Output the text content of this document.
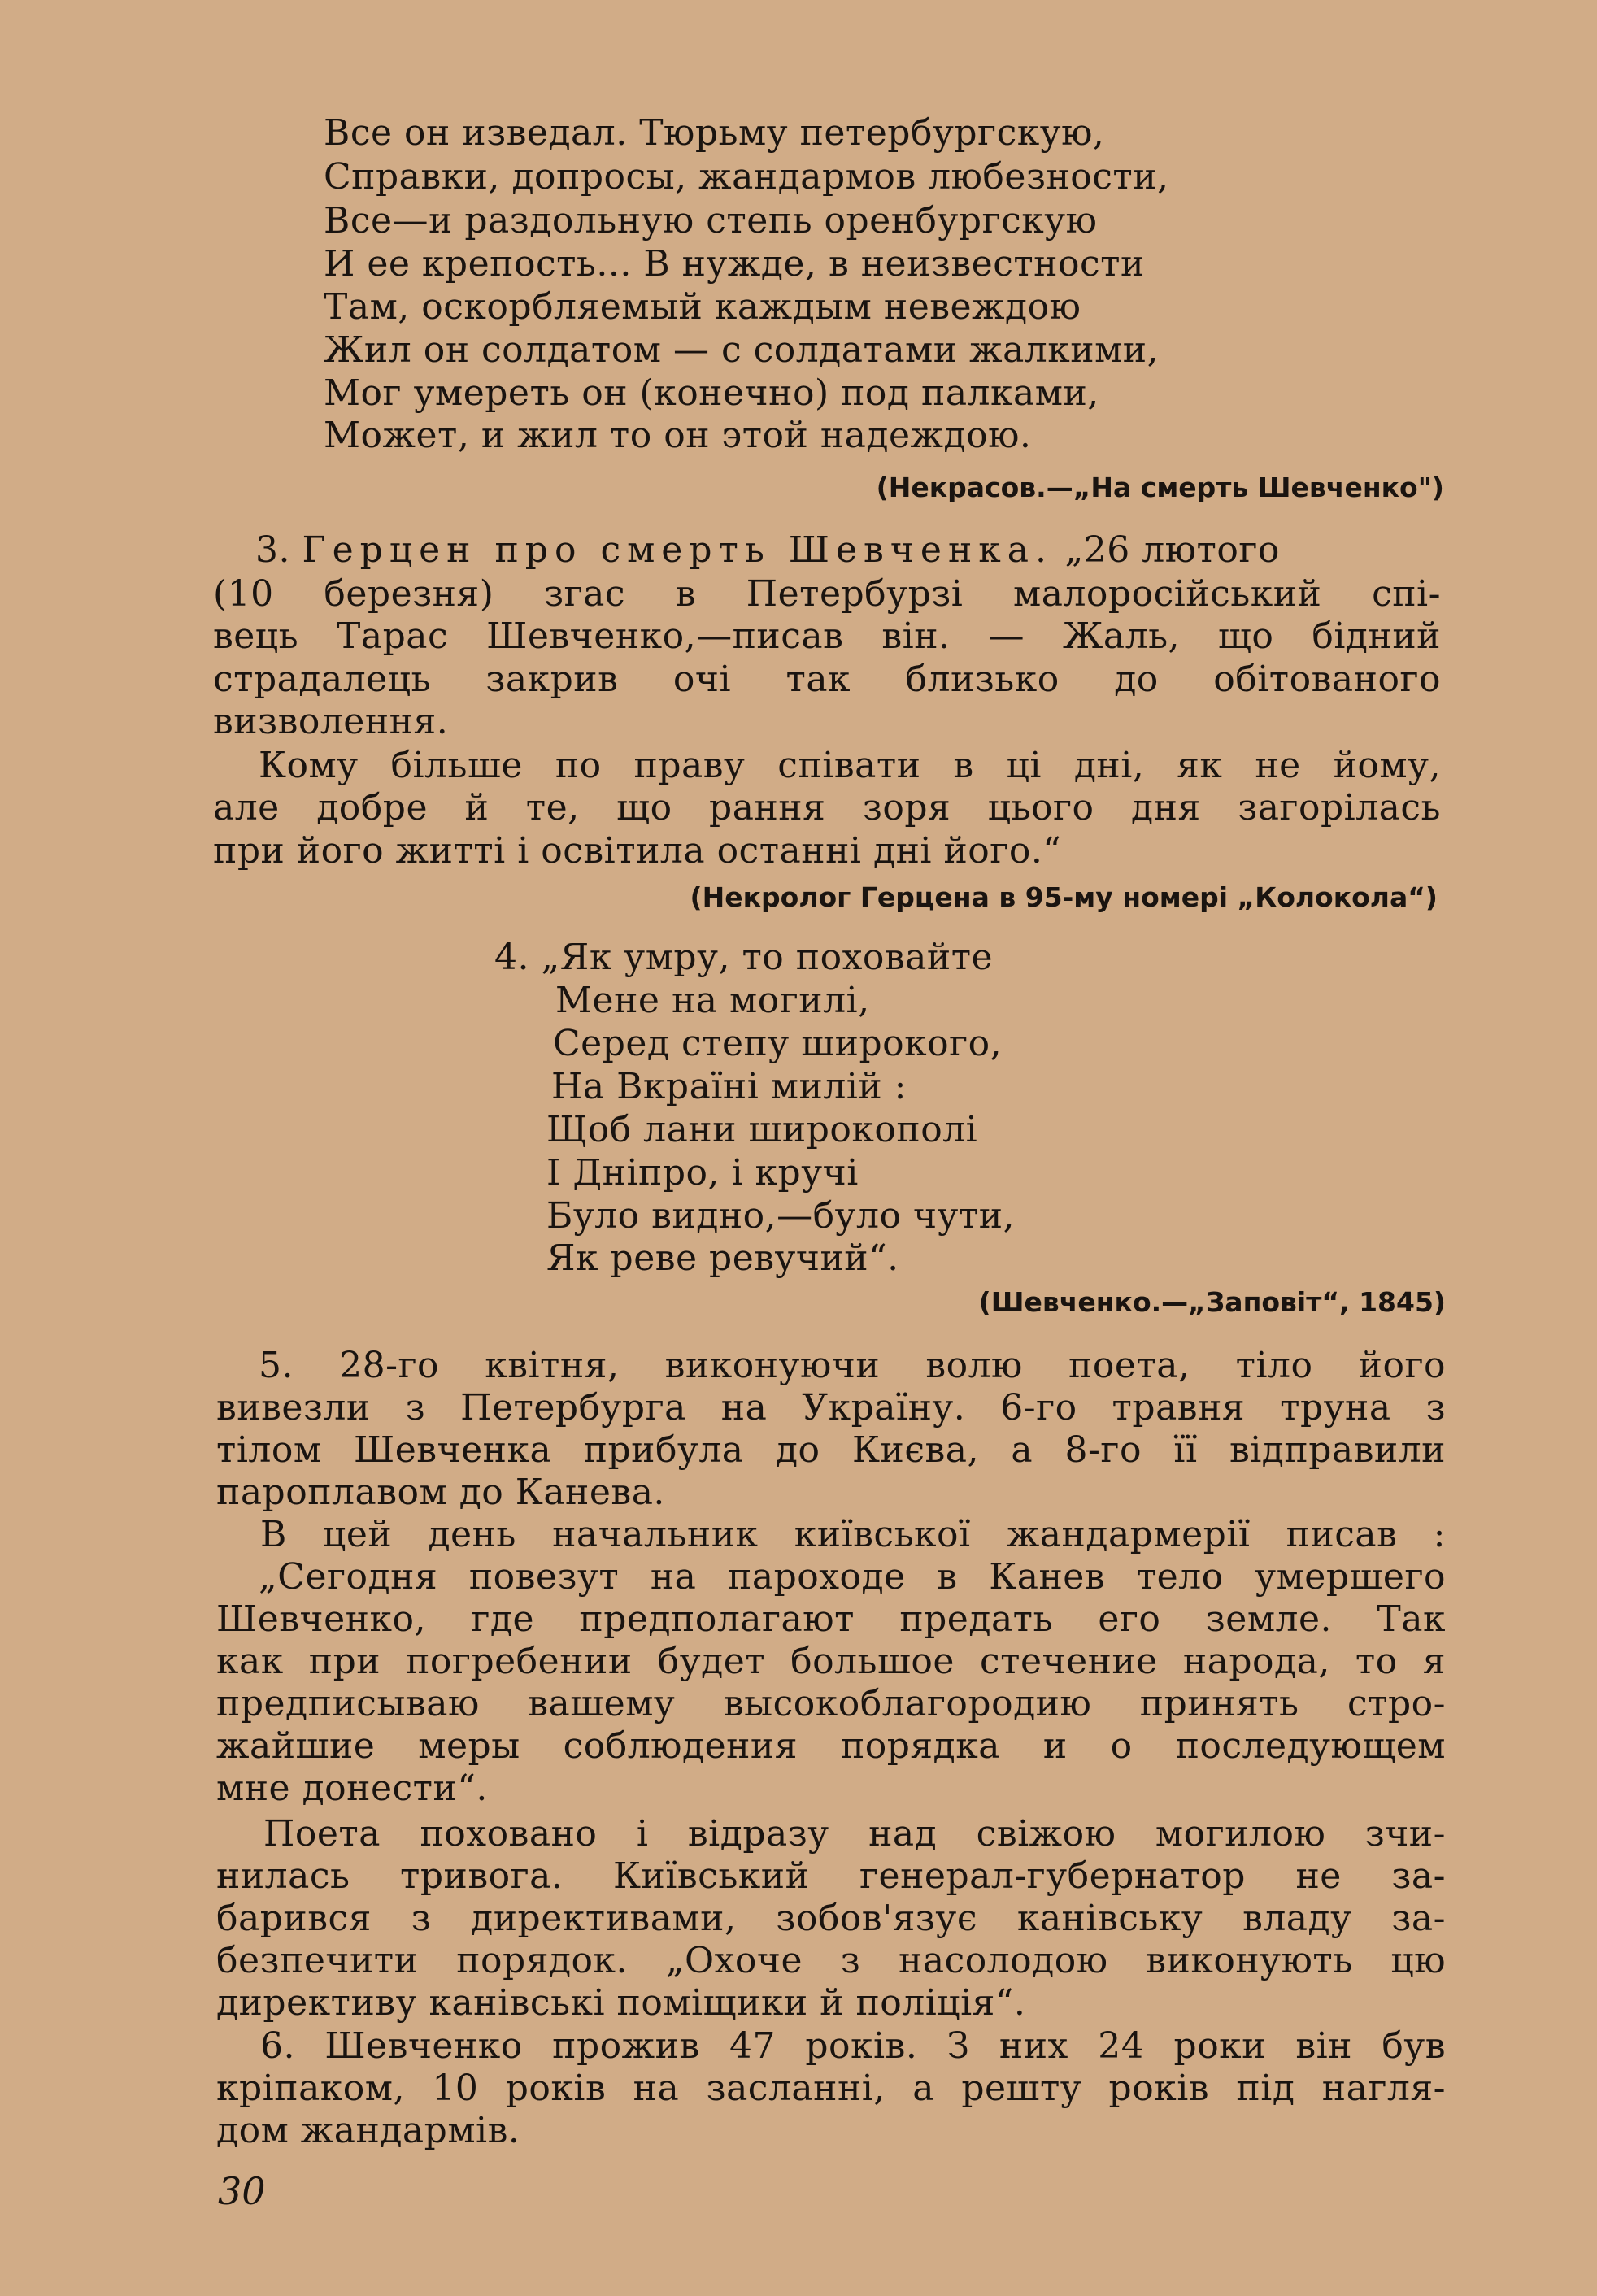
Все он изведал. Тюрьму петербургскую,
Справки, допросы, жандармов любезности,
Все—и раздольную степь оренбургскую
И ее крепость... В нужде, в неизвестности
Там, оскорбляемый каждым невеждою
Жил он солдатом — с солдатами жалкими,
Мог умереть он (конечно) под палками,
Может, и жил то он этой надеждою.
(Некрасов.—„На смерть Шевченко")
3. Герцен про смерть Шевченка. „26 лютого
(10 березня) згас в Петербурзі малоросійський спі-
вець Тарас Шевченко,—писав він. — Жаль, що бідний
страдалець закрив очі так близько до обітованого
визволення.
Кому більше по праву співати в ці дні, як не йому,
але добре й те, що рання зоря цього дня загорілась
при його житті і освітила останні дні його.“
(Некролог Герцена в 95-му номері „Колокола“)
4. „Як умру, то поховайте
Мене на могилі,
Серед степу широкого,
На Вкраїні милій :
Щоб лани широкополі
І Дніпро, і кручі
Було видно,—було чути,
Як реве ревучий“.
(Шевченко.—„Заповіт“, 1845)
5. 28-го квітня, виконуючи волю поета, тіло його
вивезли з Петербурга на Україну. 6-го травня труна з
тілом Шевченка прибула до Києва, а 8-го її відправили
пароплавом до Канева.
В цей день начальник київської жандармерії писав :
„Сегодня повезут на пароходе в Канев тело умершего
Шевченко, где предполагают предать его земле. Так
как при погребении будет большое стечение народа, то я
предписываю вашему высокоблагородию принять стро-
жайшие меры соблюдения порядка и о последующем
мне донести“.
Поета поховано і відразу над свіжою могилою зчи-
нилась тривога. Київський генерал-губернатор не за-
барився з директивами, зобов'язує канівську владу за-
безпечити порядок. „Охоче з насолодою виконують цю
директиву канівські поміщики й поліція“.
6. Шевченко прожив 47 років. З них 24 роки він був
кріпаком, 10 років на засланні, а решту років під нагля-
дом жандармів.
30
